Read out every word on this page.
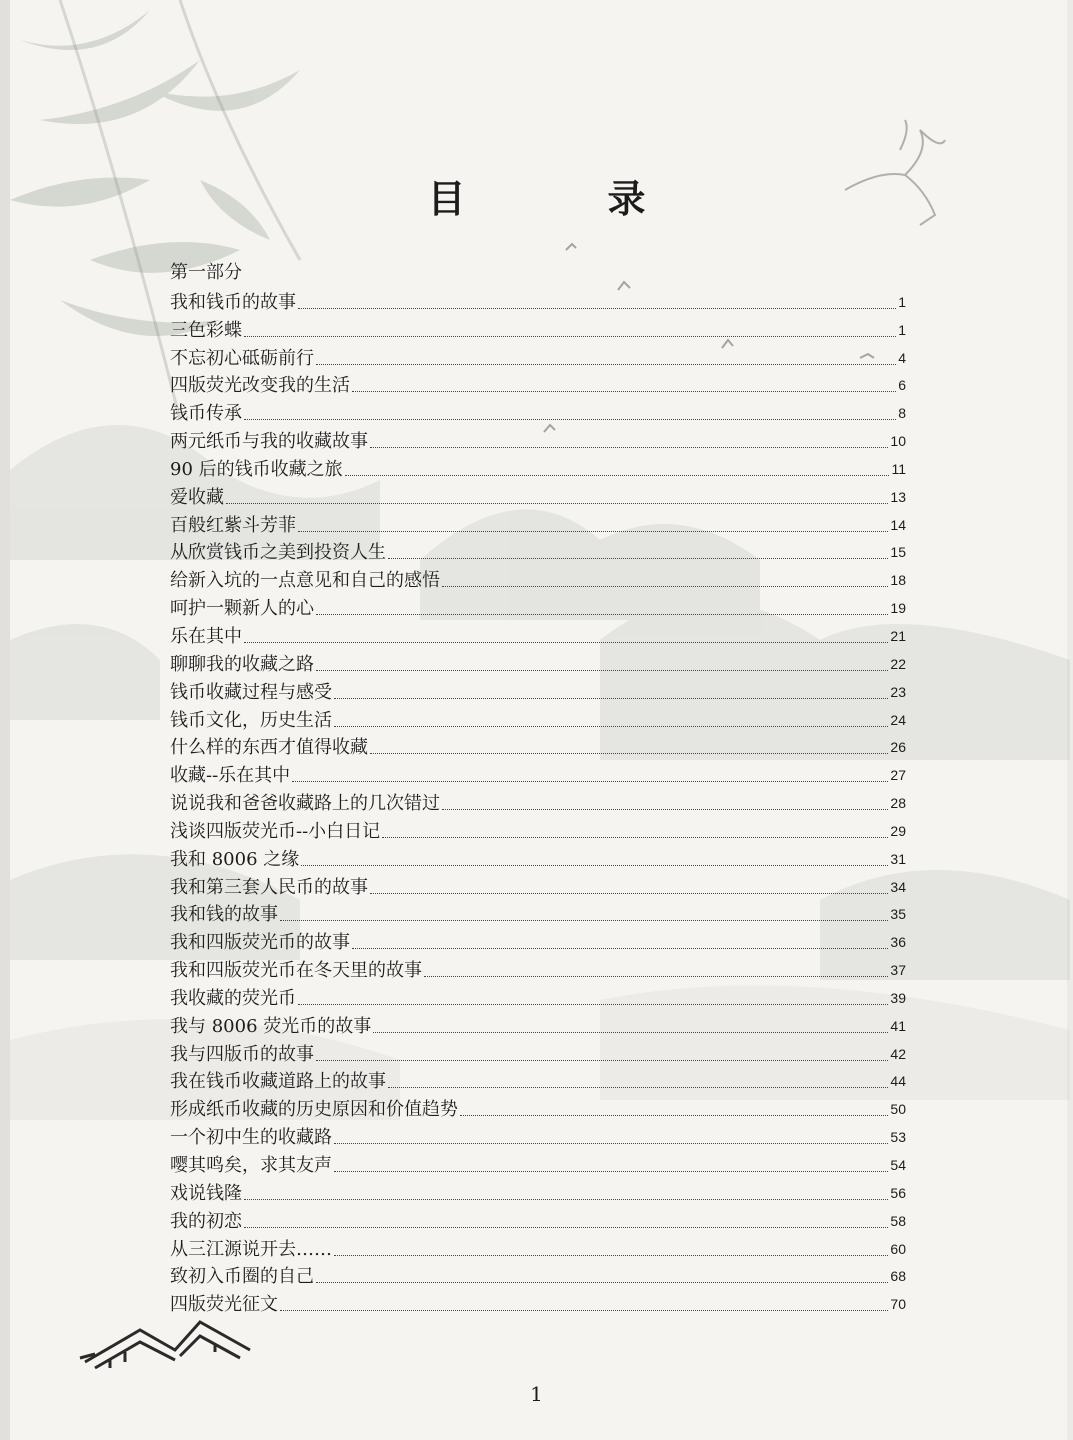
目　录
第一部分
我和钱币的故事	1
三色彩蝶	1
不忘初心砥砺前行	4
四版荧光改变我的生活	6
钱币传承	8
两元纸币与我的收藏故事	10
90 后的钱币收藏之旅	11
爱收藏	13
百般红紫斗芳菲	14
从欣赏钱币之美到投资人生	15
给新入坑的一点意见和自己的感悟	18
呵护一颗新人的心	19
乐在其中	21
聊聊我的收藏之路	22
钱币收藏过程与感受	23
钱币文化，历史生活	24
什么样的东西才值得收藏	26
收藏--乐在其中	27
说说我和爸爸收藏路上的几次错过	28
浅谈四版荧光币--小白日记	29
我和 8006 之缘	31
我和第三套人民币的故事	34
我和钱的故事	35
我和四版荧光币的故事	36
我和四版荧光币在冬天里的故事	37
我收藏的荧光币	39
我与 8006 荧光币的故事	41
我与四版币的故事	42
我在钱币收藏道路上的故事	44
形成纸币收藏的历史原因和价值趋势	50
一个初中生的收藏路	53
嘤其鸣矣，求其友声	54
戏说钱隆	56
我的初恋	58
从三江源说开去……	60
致初入币圈的自己	68
四版荧光征文	70
1
